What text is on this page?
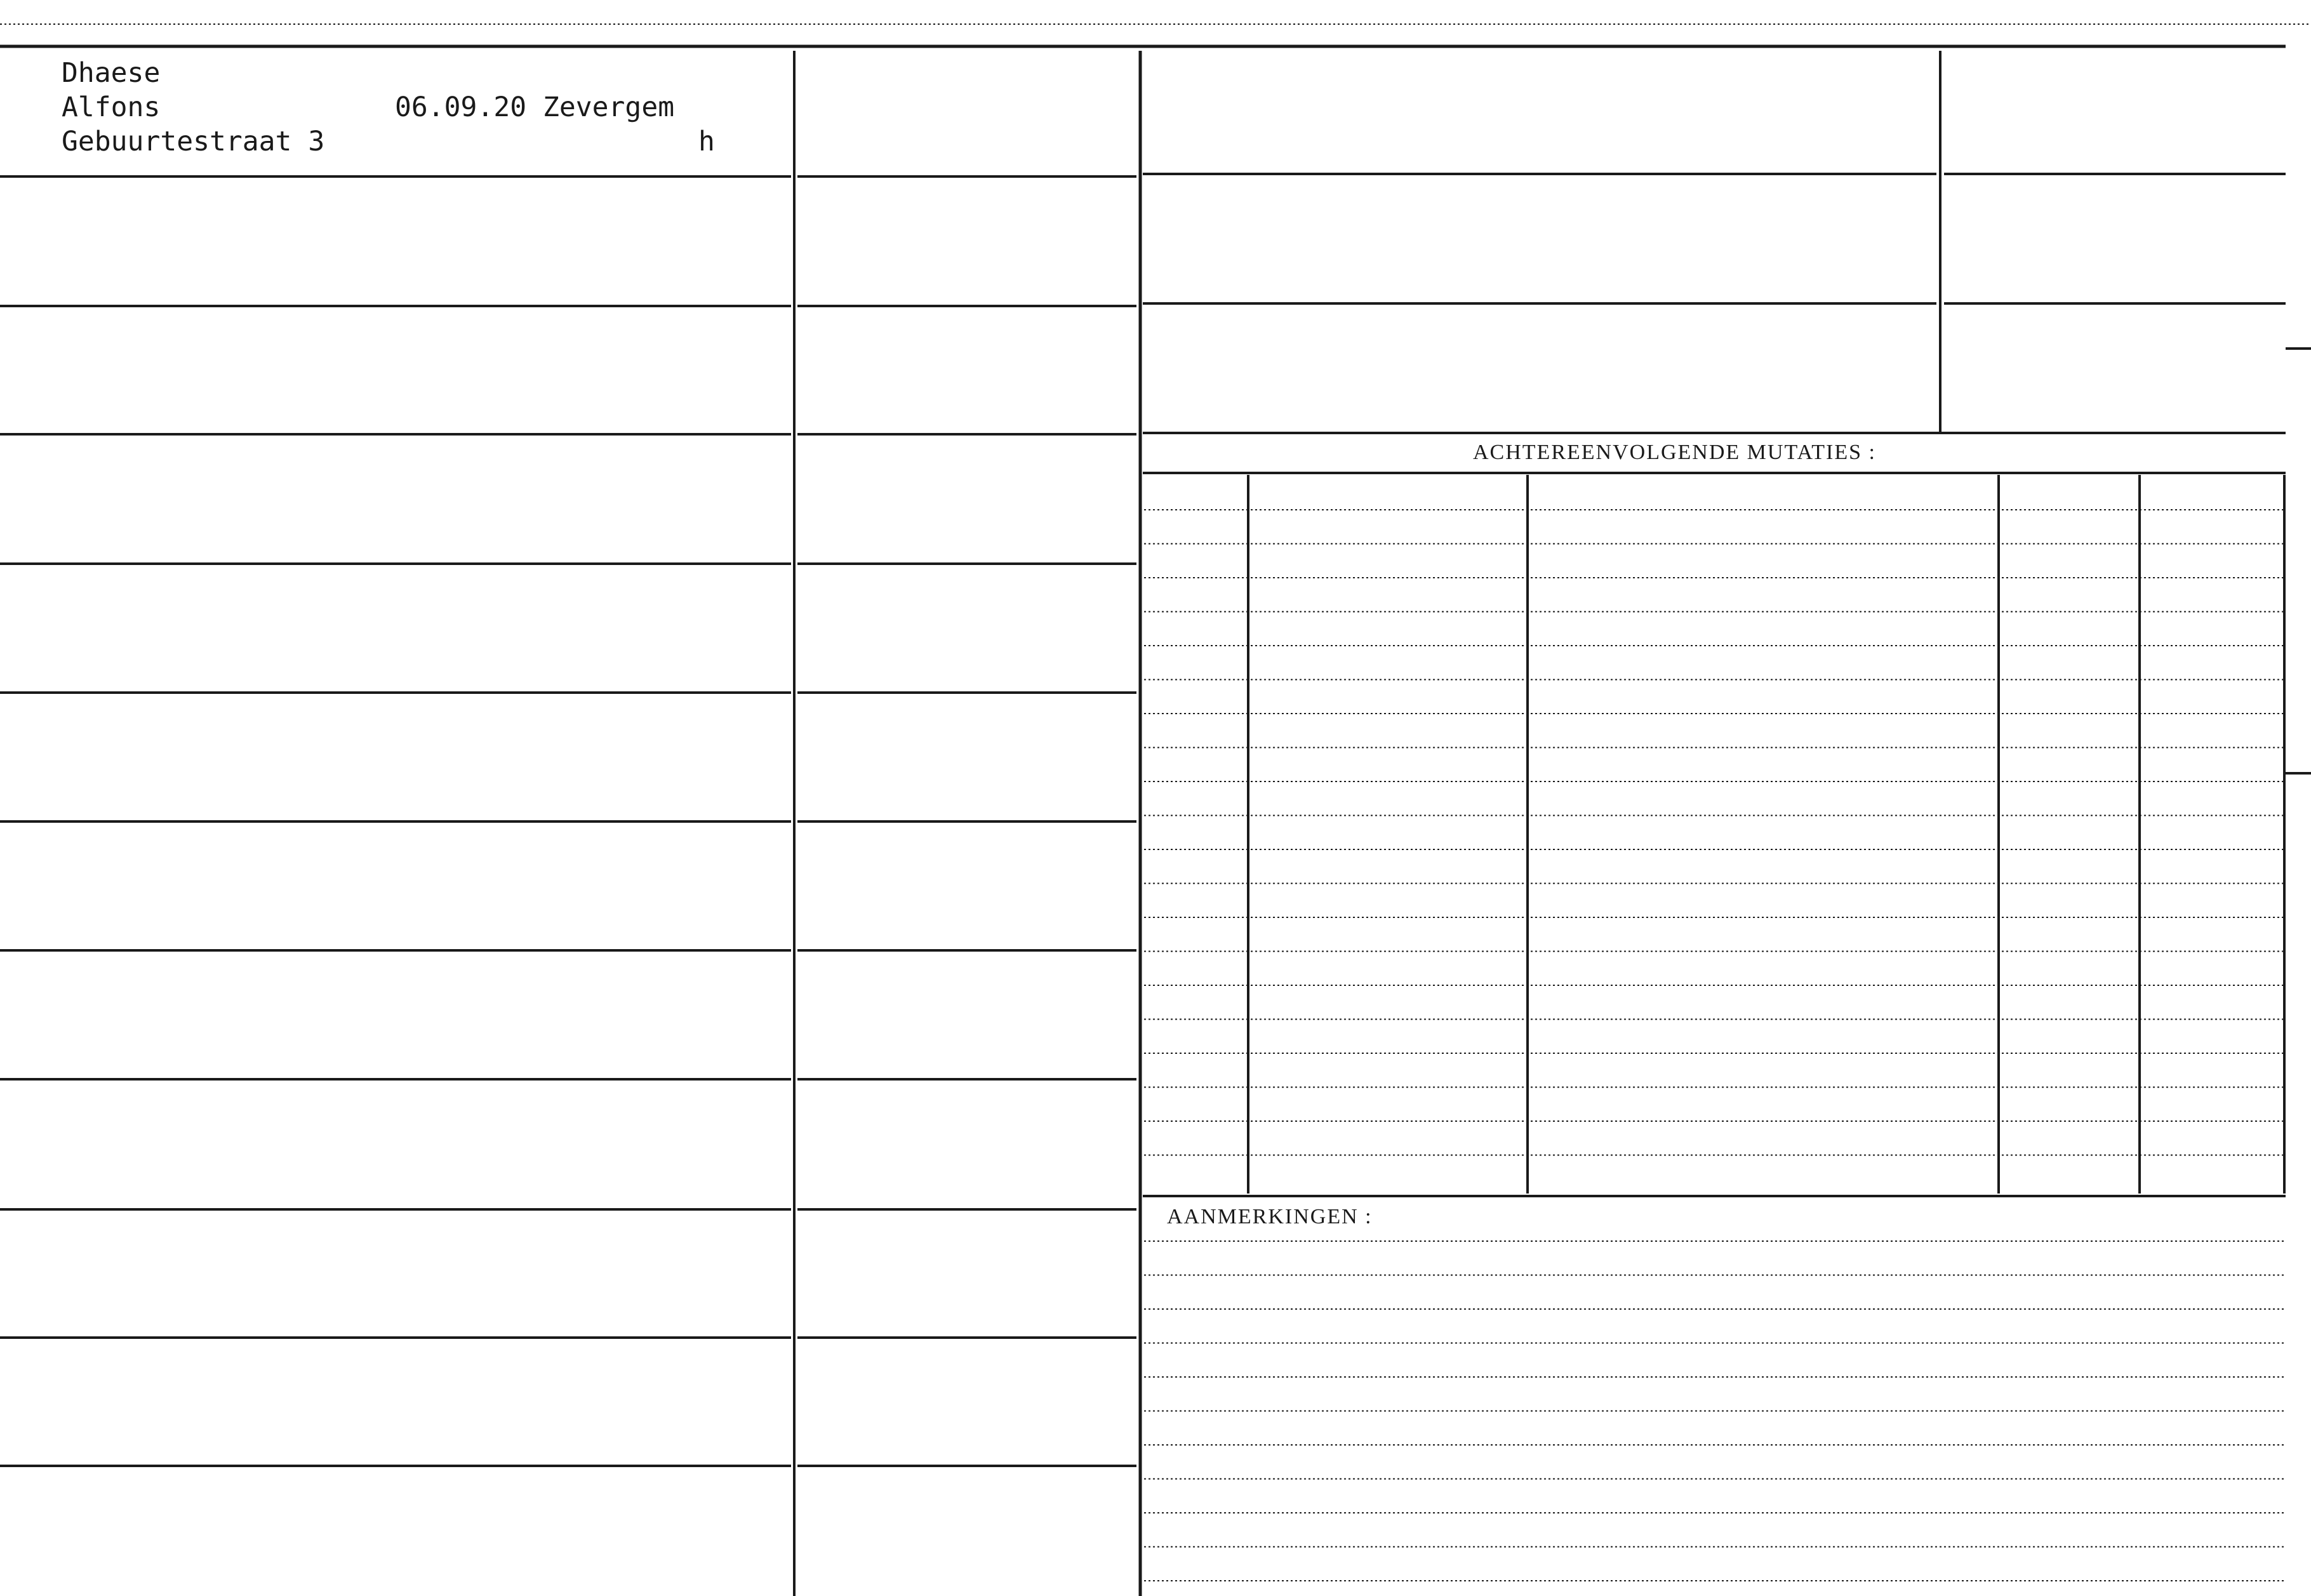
Dhaese
Alfons	06.09.20 Zevergem
Gebuurtestraat 3	h
ACHTEREENVOLGENDE MUTATIES :
AANMERKINGEN :
